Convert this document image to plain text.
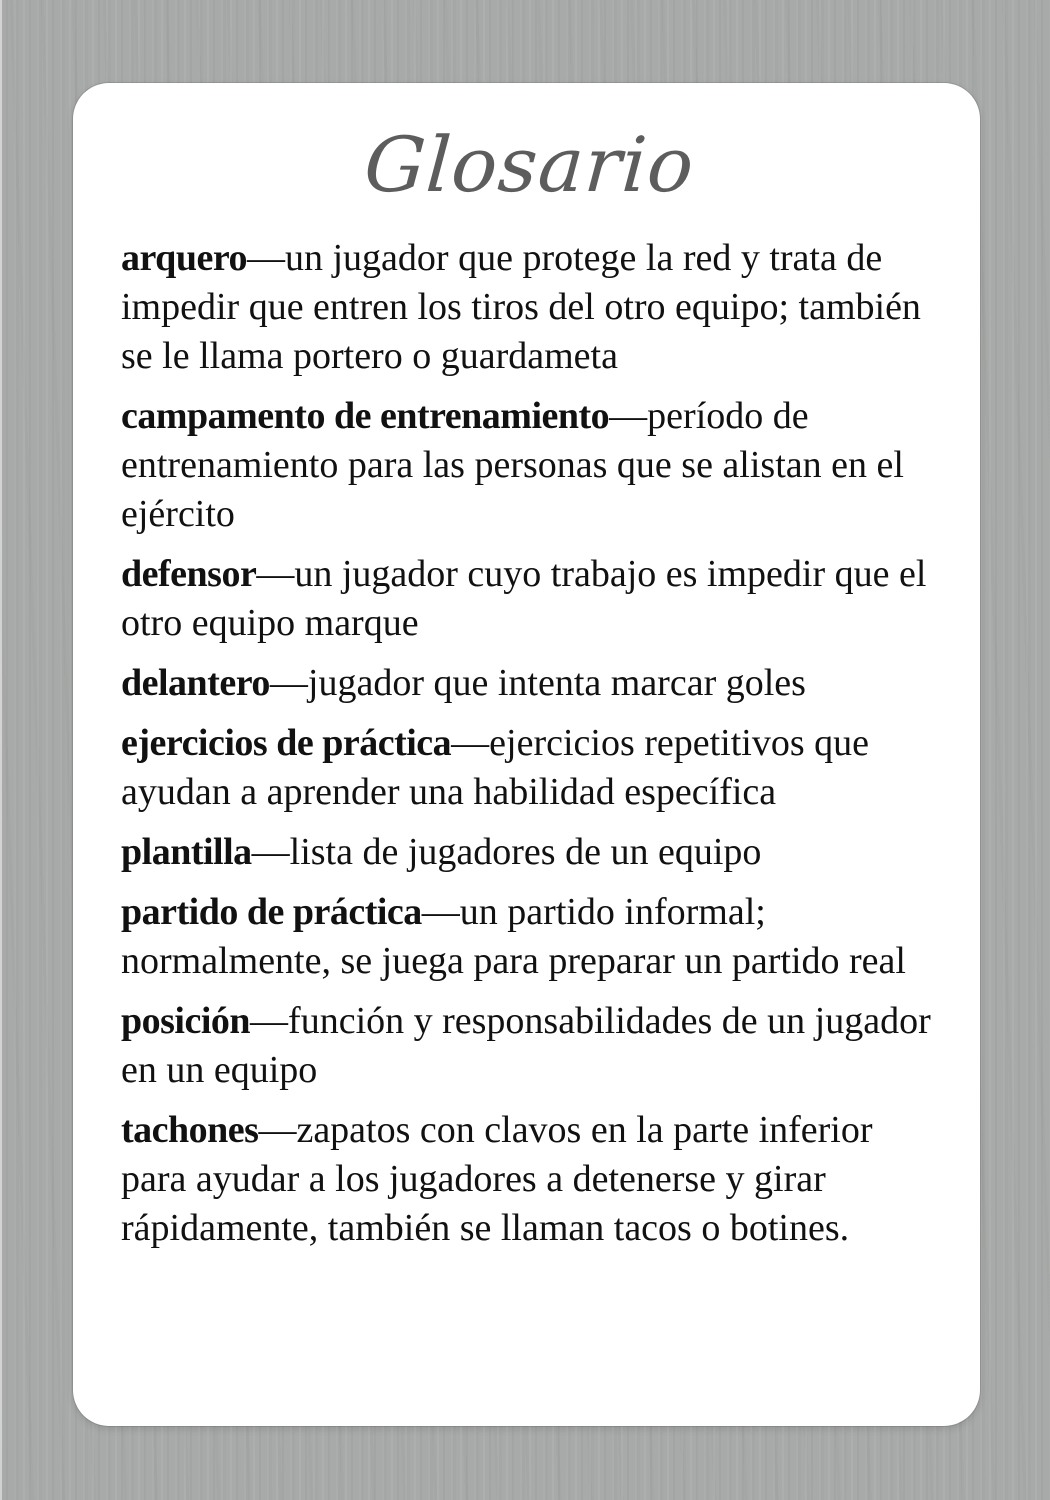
Glosario

arquero—un jugador que protege la red y trata de impedir que entren los tiros del otro equipo; también se le llama portero o guardameta

campamento de entrenamiento—período de entrenamiento para las personas que se alistan en el ejército

defensor—un jugador cuyo trabajo es impedir que el otro equipo marque

delantero—jugador que intenta marcar goles

ejercicios de práctica—ejercicios repetitivos que ayudan a aprender una habilidad específica

plantilla—lista de jugadores de un equipo

partido de práctica—un partido informal; normalmente, se juega para preparar un partido real

posición—función y responsabilidades de un jugador en un equipo

tachones—zapatos con clavos en la parte inferior para ayudar a los jugadores a detenerse y girar rápidamente, también se llaman tacos o botines.
